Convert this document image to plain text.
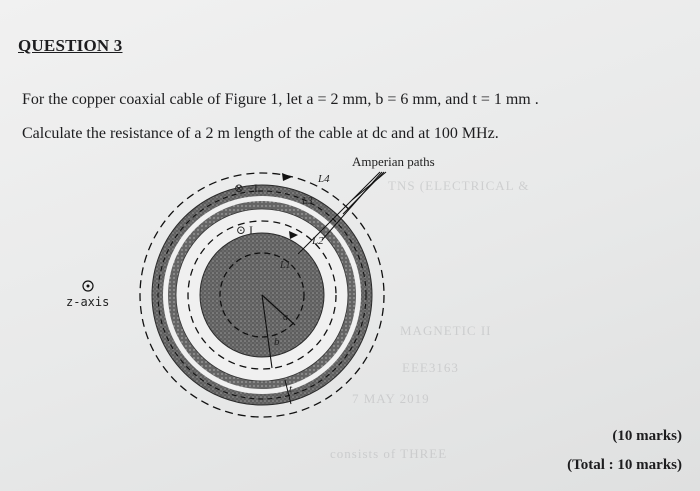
TNS (ELECTRICAL &
MAGNETIC II
EEE3163
7 MAY 2019
consists of THREE
QUESTION 3
For the copper coaxial cable of Figure 1, let a = 2 mm, b = 6 mm, and t = 1 mm .
Calculate the resistance of a 2 m length of the cable at dc and at 100 MHz.
Amperian paths
L4
L3
L2
L1
⊗ −I
⊙ I
a
b
t
z-axis
(10 marks)
(Total : 10 marks)
